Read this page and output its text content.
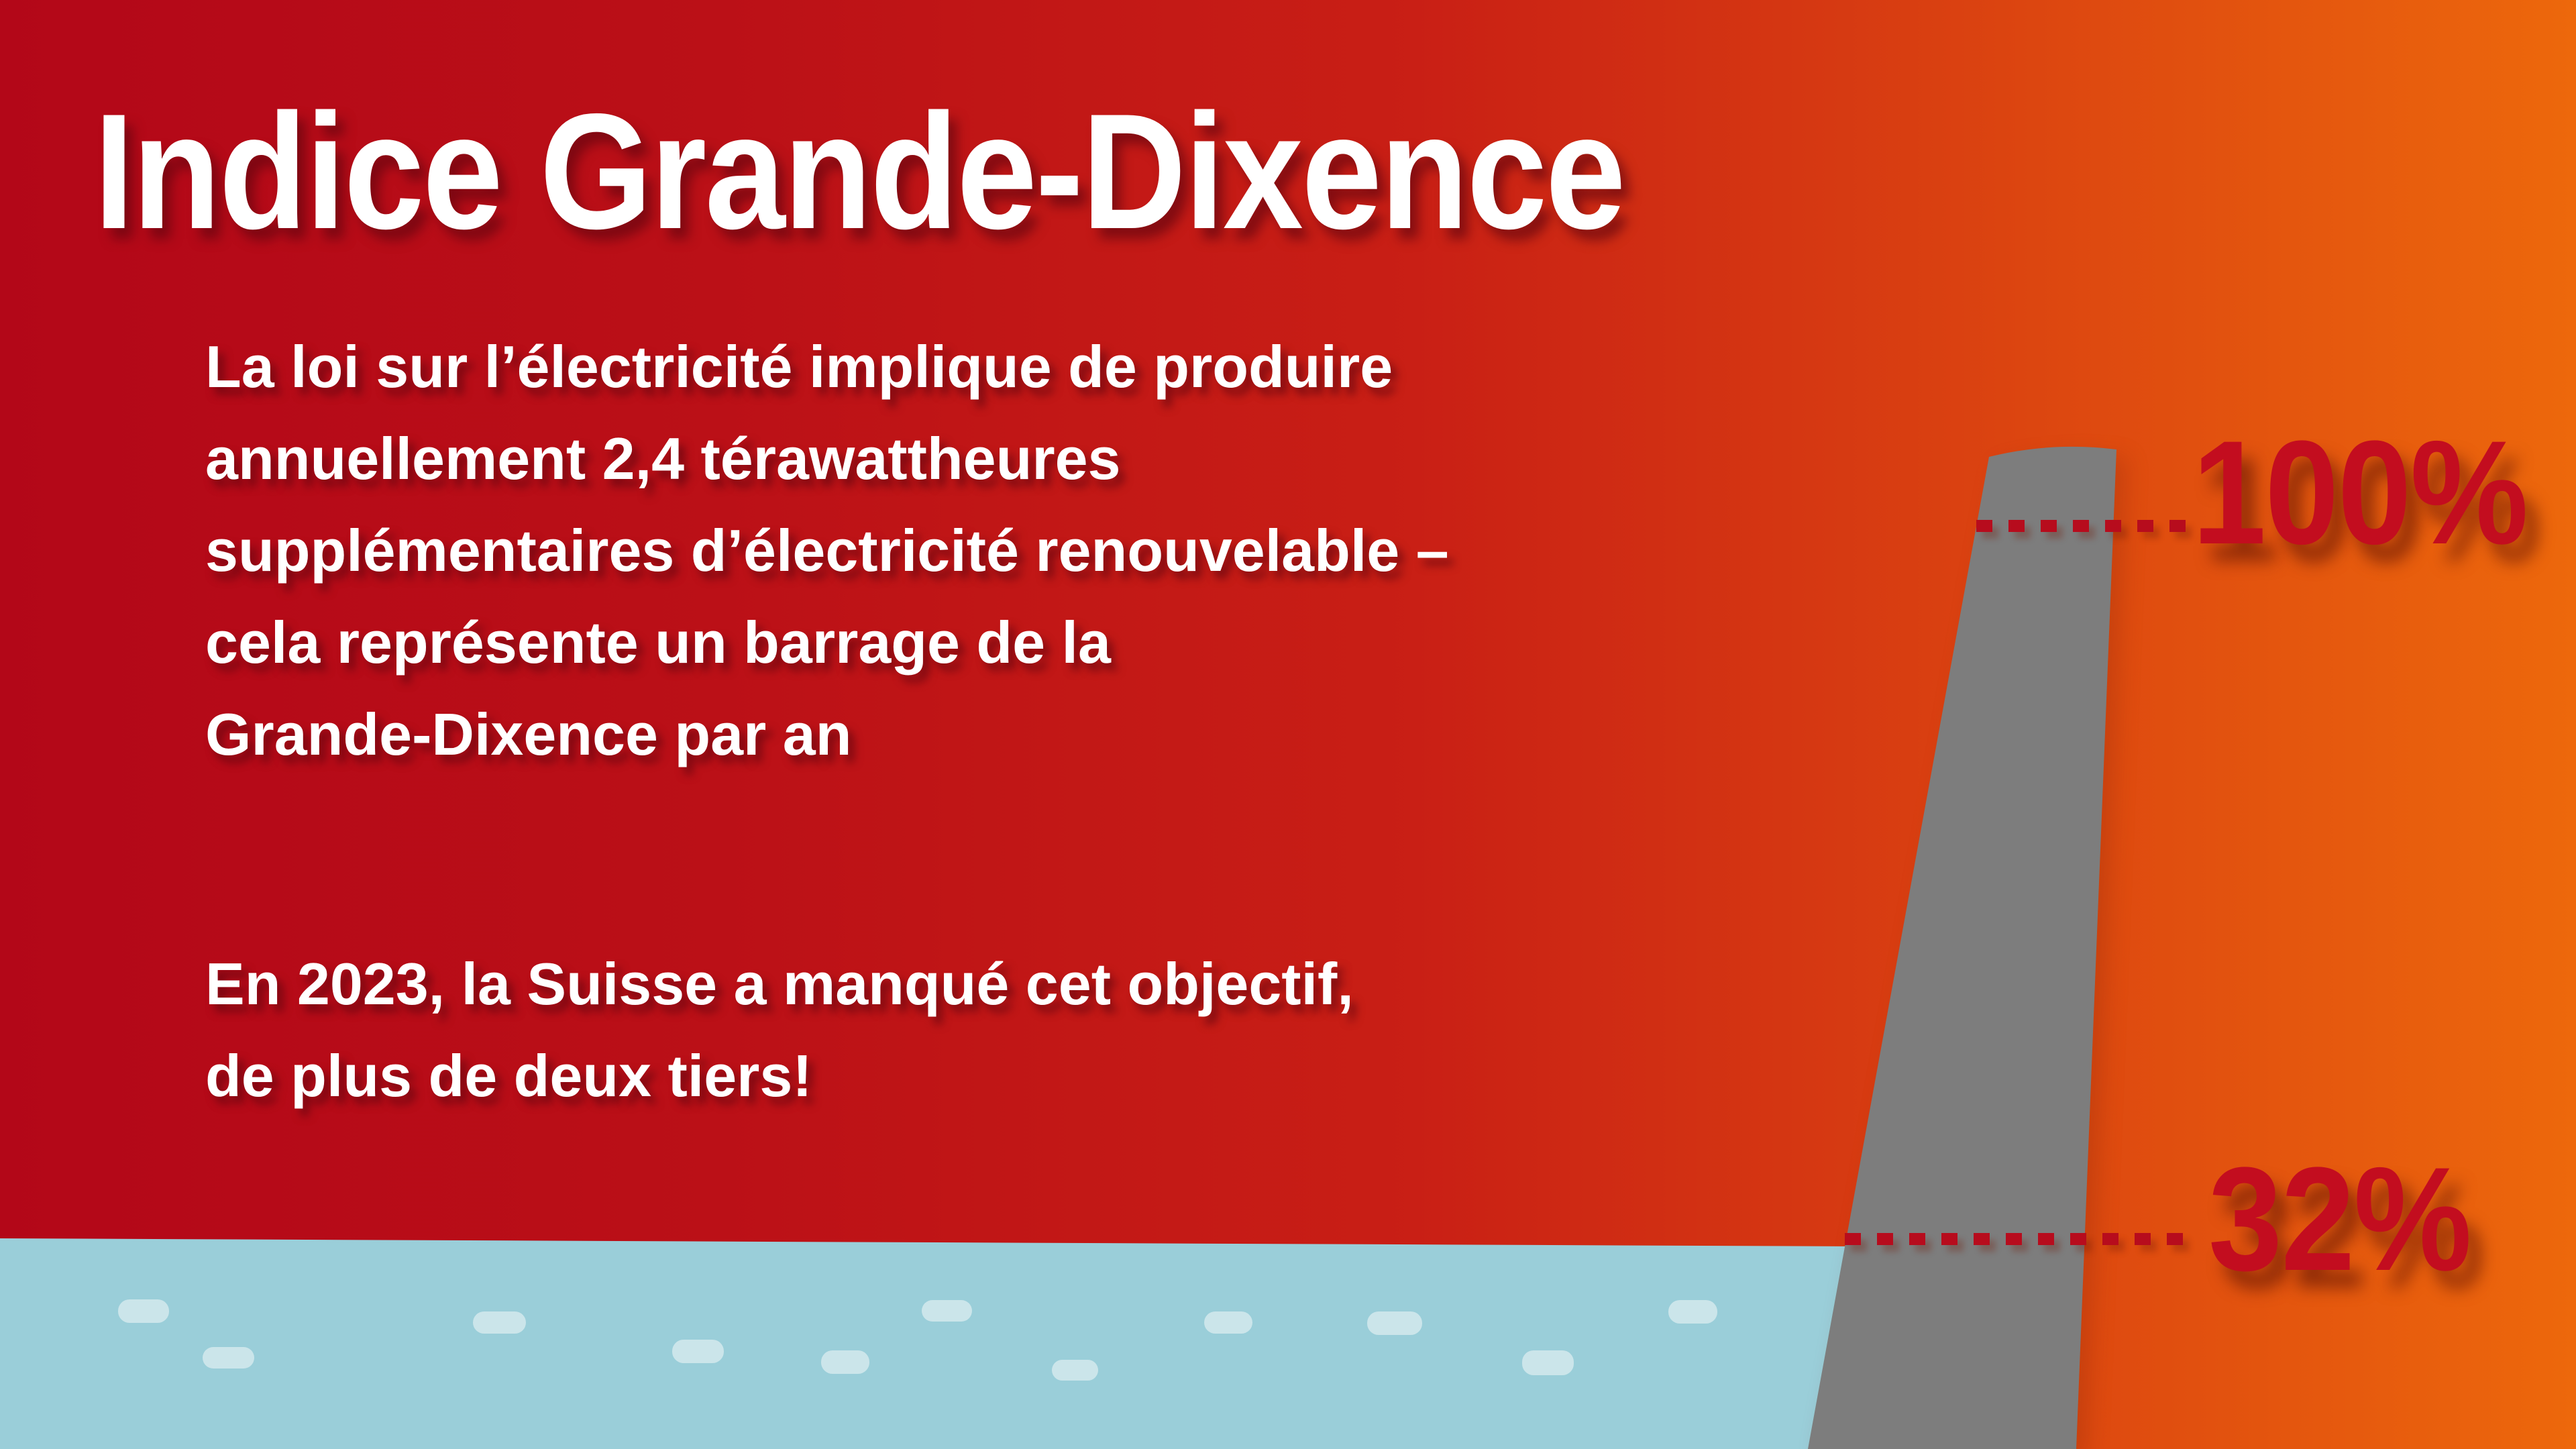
100%
32%
Indice Grande-Dixence
La loi sur l’électricité implique de produire
annuellement 2,4 térawattheures
supplémentaires d’électricité renouvelable –
cela représente un barrage de la
Grande-Dixence par an
En 2023, la Suisse a manqué cet objectif,
de plus de deux tiers!
